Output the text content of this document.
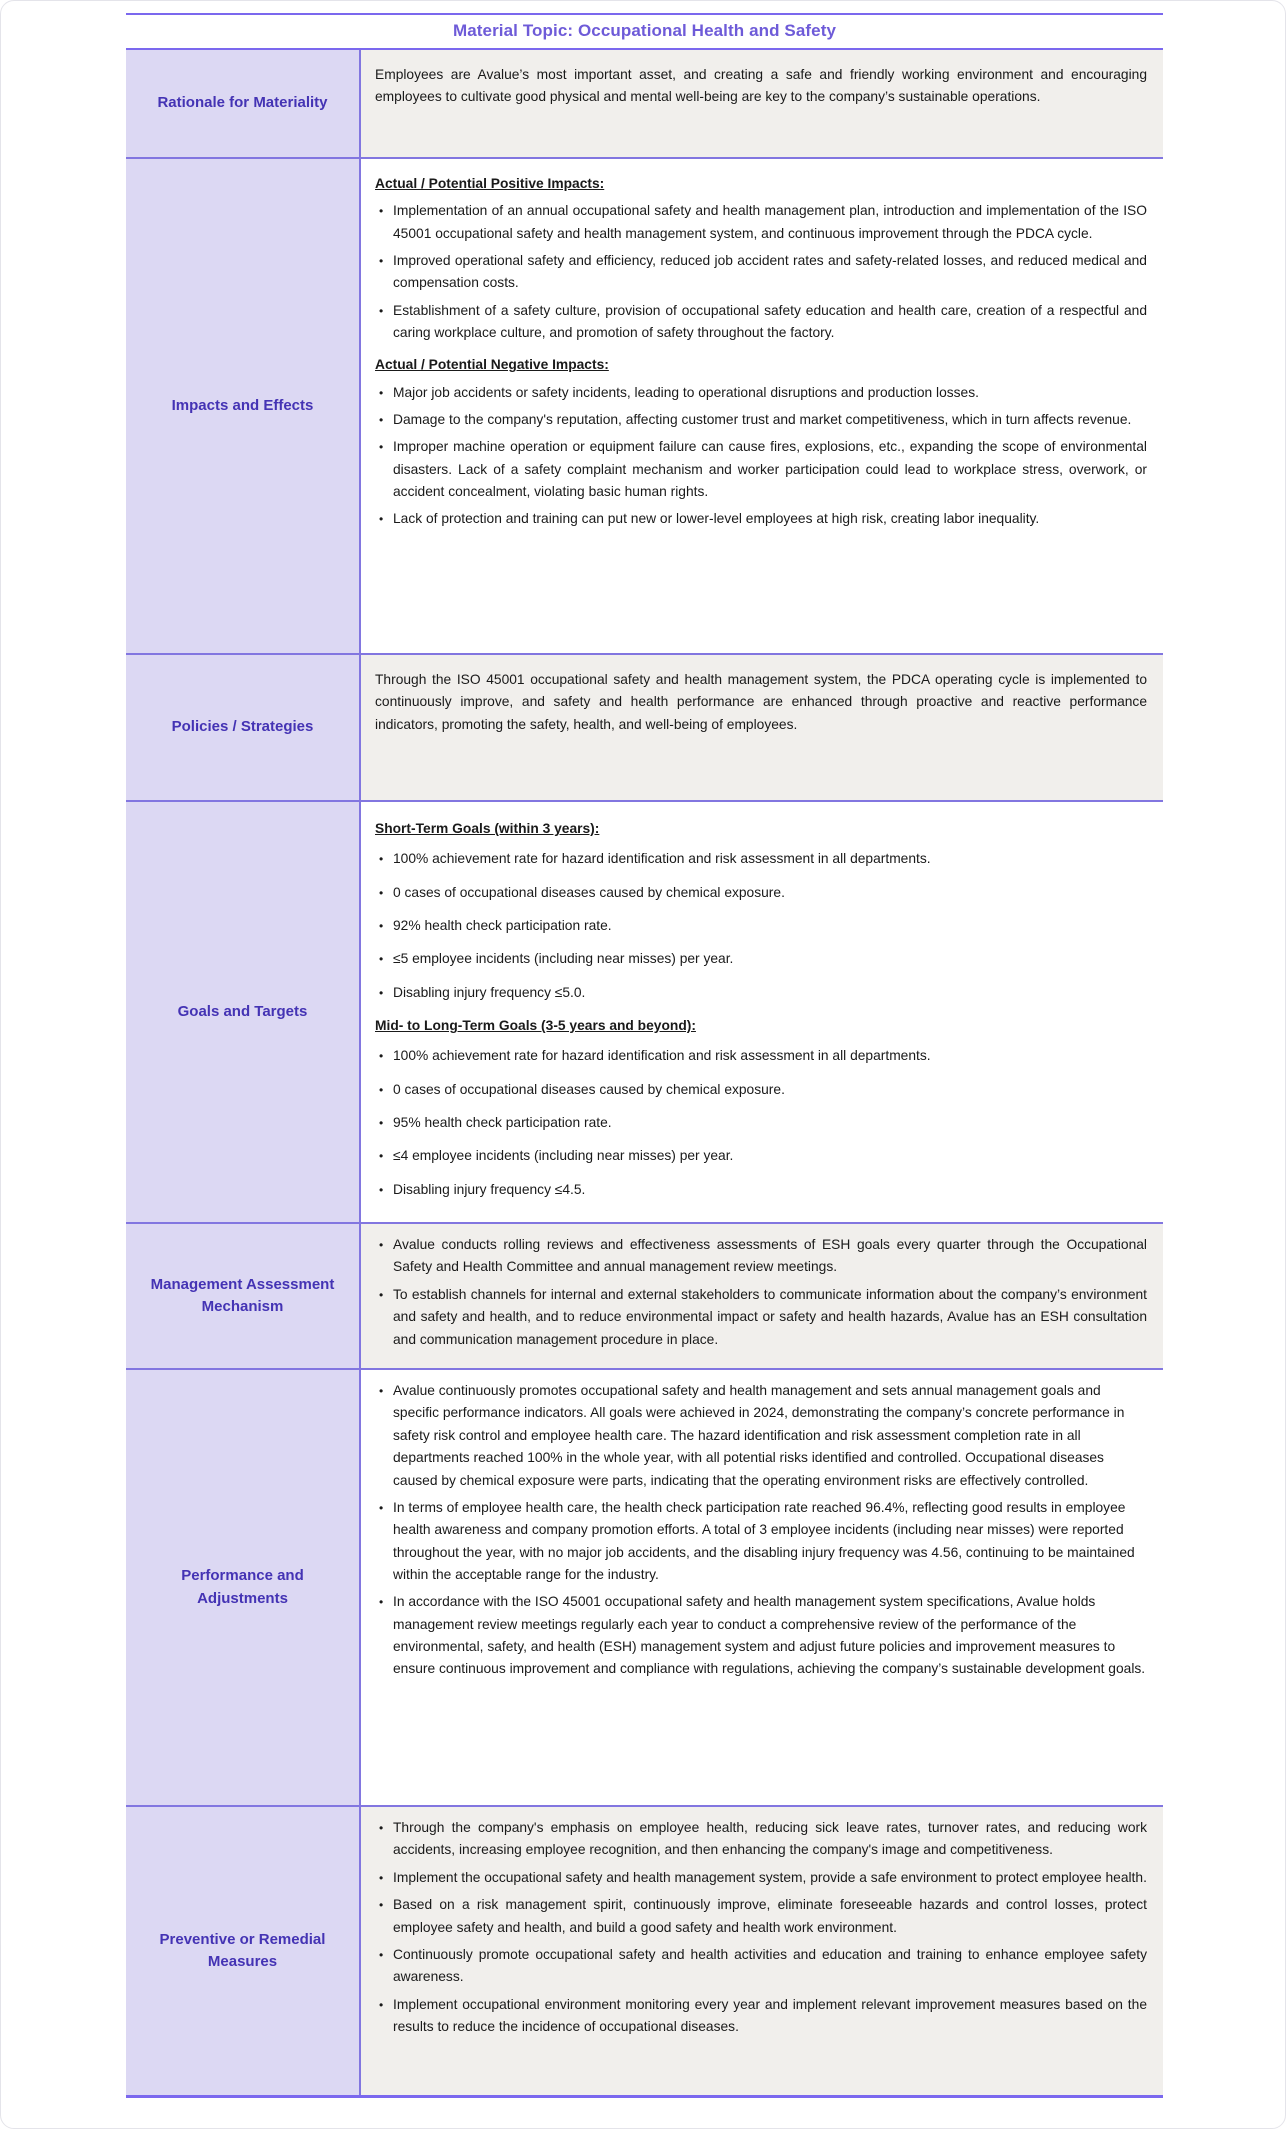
Material Topic: Occupational Health and Safety
Rationale for Materiality

Employees are Avalue’s most important asset, and creating a safe and friendly working environment and encouraging employees to cultivate good physical and mental well-being are key to the company’s sustainable operations.

Impacts and Effects
Actual / Potential Positive Impacts:
• Implementation of an annual occupational safety and health management plan, introduction and implementation of the ISO 45001 occupational safety and health management system, and continuous improvement through the PDCA cycle.
• Improved operational safety and efficiency, reduced job accident rates and safety-related losses, and reduced medical and compensation costs.
• Establishment of a safety culture, provision of occupational safety education and health care, creation of a respectful and caring workplace culture, and promotion of safety throughout the factory.
Actual / Potential Negative Impacts:
• Major job accidents or safety incidents, leading to operational disruptions and production losses.
• Damage to the company's reputation, affecting customer trust and market competitiveness, which in turn affects revenue.
• Improper machine operation or equipment failure can cause fires, explosions, etc., expanding the scope of environmental disasters. Lack of a safety complaint mechanism and worker participation could lead to workplace stress, overwork, or accident concealment, violating basic human rights.
• Lack of protection and training can put new or lower-level employees at high risk, creating labor inequality.
Policies / Strategies

Through the ISO 45001 occupational safety and health management system, the PDCA operating cycle is implemented to continuously improve, and safety and health performance are enhanced through proactive and reactive performance indicators, promoting the safety, health, and well-being of employees.

Goals and Targets
Short-Term Goals (within 3 years):
• 100% achievement rate for hazard identification and risk assessment in all departments.
• 0 cases of occupational diseases caused by chemical exposure.
• 92% health check participation rate.
• ≤5 employee incidents (including near misses) per year.
• Disabling injury frequency ≤5.0.
Mid- to Long-Term Goals (3-5 years and beyond):
• 100% achievement rate for hazard identification and risk assessment in all departments.
• 0 cases of occupational diseases caused by chemical exposure.
• 95% health check participation rate.
• ≤4 employee incidents (including near misses) per year.
• Disabling injury frequency ≤4.5.
Management Assessment Mechanism
• Avalue conducts rolling reviews and effectiveness assessments of ESH goals every quarter through the Occupational Safety and Health Committee and annual management review meetings.
• To establish channels for internal and external stakeholders to communicate information about the company’s environment and safety and health, and to reduce environmental impact or safety and health hazards, Avalue has an ESH consultation and communication management procedure in place.
Performance and Adjustments
• Avalue continuously promotes occupational safety and health management and sets annual management goals and specific performance indicators. All goals were achieved in 2024, demonstrating the company’s concrete performance in safety risk control and employee health care. The hazard identification and risk assessment completion rate in all departments reached 100% in the whole year, with all potential risks identified and controlled. Occupational diseases caused by chemical exposure were parts, indicating that the operating environment risks are effectively controlled.
• In terms of employee health care, the health check participation rate reached 96.4%, reflecting good results in employee health awareness and company promotion efforts. A total of 3 employee incidents (including near misses) were reported throughout the year, with no major job accidents, and the disabling injury frequency was 4.56, continuing to be maintained within the acceptable range for the industry.
• In accordance with the ISO 45001 occupational safety and health management system specifications, Avalue holds management review meetings regularly each year to conduct a comprehensive review of the performance of the environmental, safety, and health (ESH) management system and adjust future policies and improvement measures to ensure continuous improvement and compliance with regulations, achieving the company’s sustainable development goals.
Preventive or Remedial Measures
• Through the company's emphasis on employee health, reducing sick leave rates, turnover rates, and reducing work accidents, increasing employee recognition, and then enhancing the company's image and competitiveness.
• Implement the occupational safety and health management system, provide a safe environment to protect employee health.
• Based on a risk management spirit, continuously improve, eliminate foreseeable hazards and control losses, protect employee safety and health, and build a good safety and health work environment.
• Continuously promote occupational safety and health activities and education and training to enhance employee safety awareness.
• Implement occupational environment monitoring every year and implement relevant improvement measures based on the results to reduce the incidence of occupational diseases.
